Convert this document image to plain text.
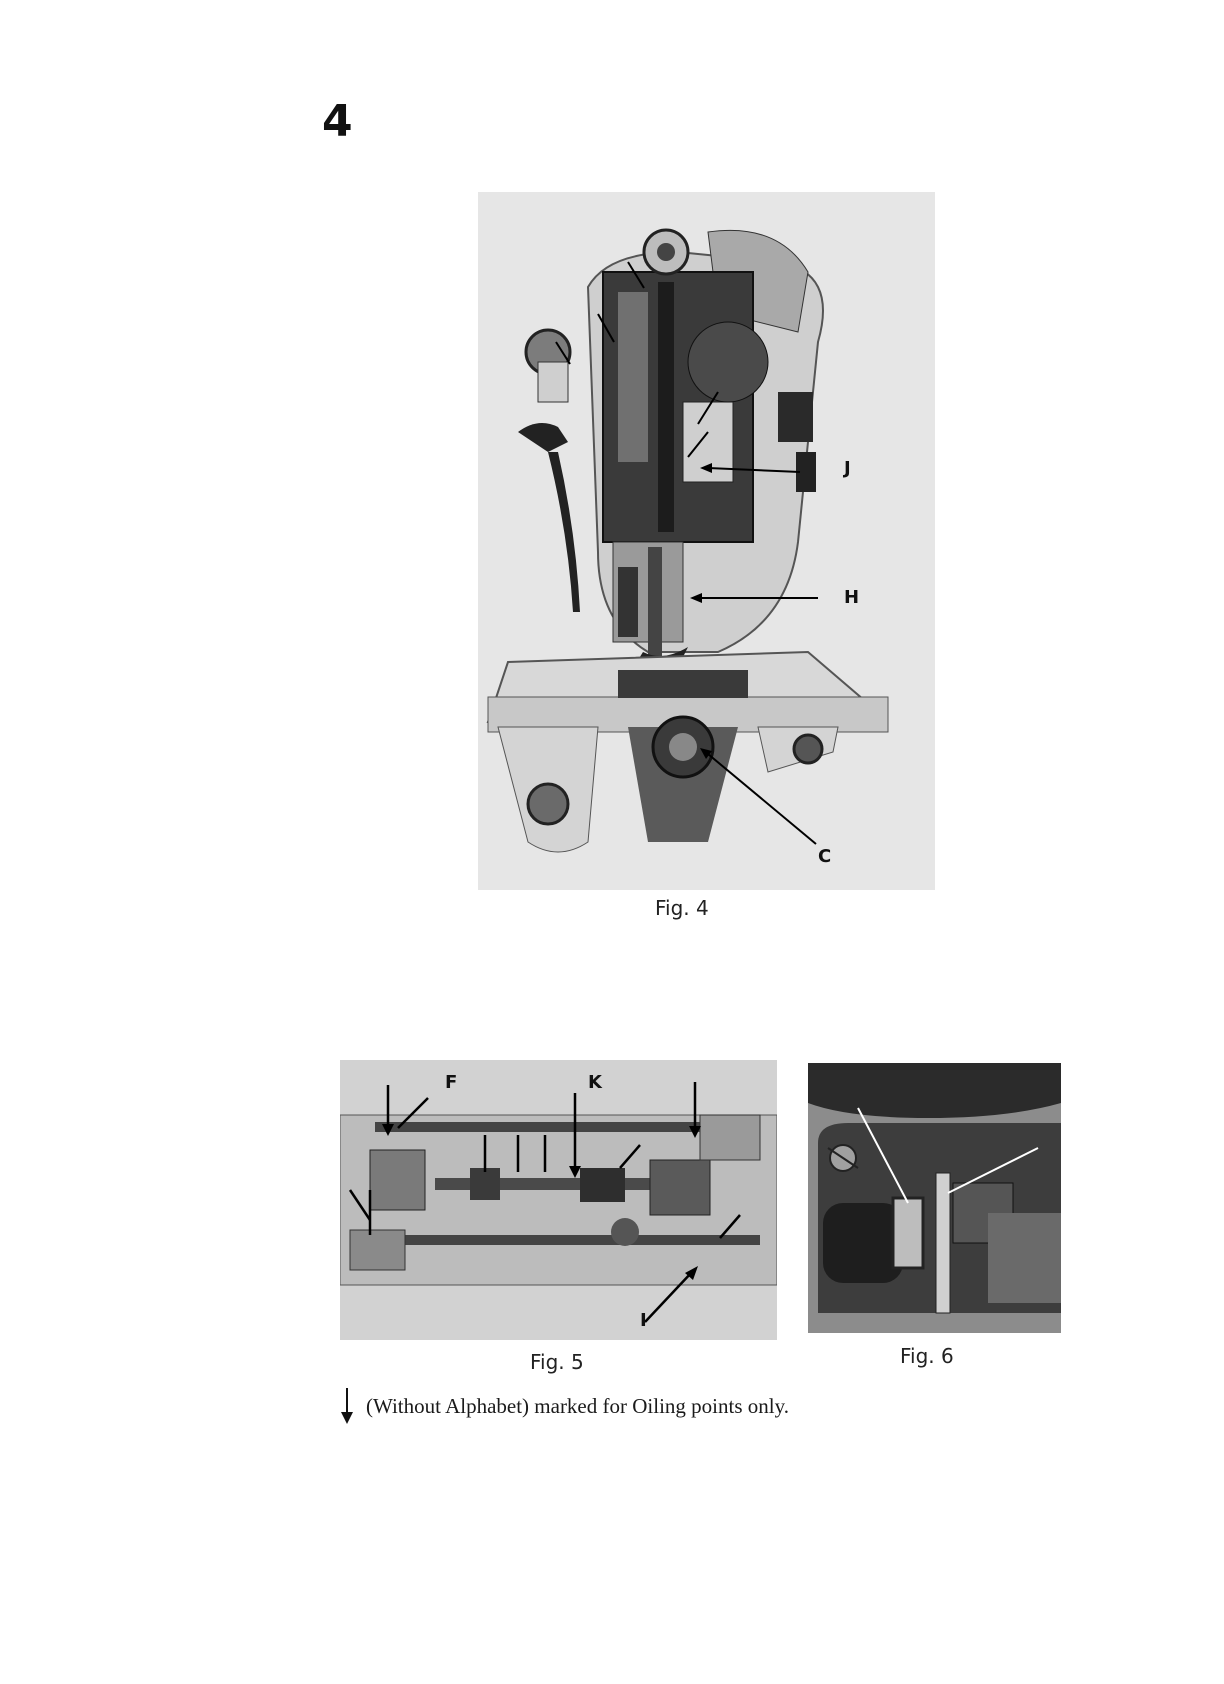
4
J
H
C
Fig. 4
F	K
I
Fig. 5	Fig. 6
(Without Alphabet) marked for Oiling points only.
